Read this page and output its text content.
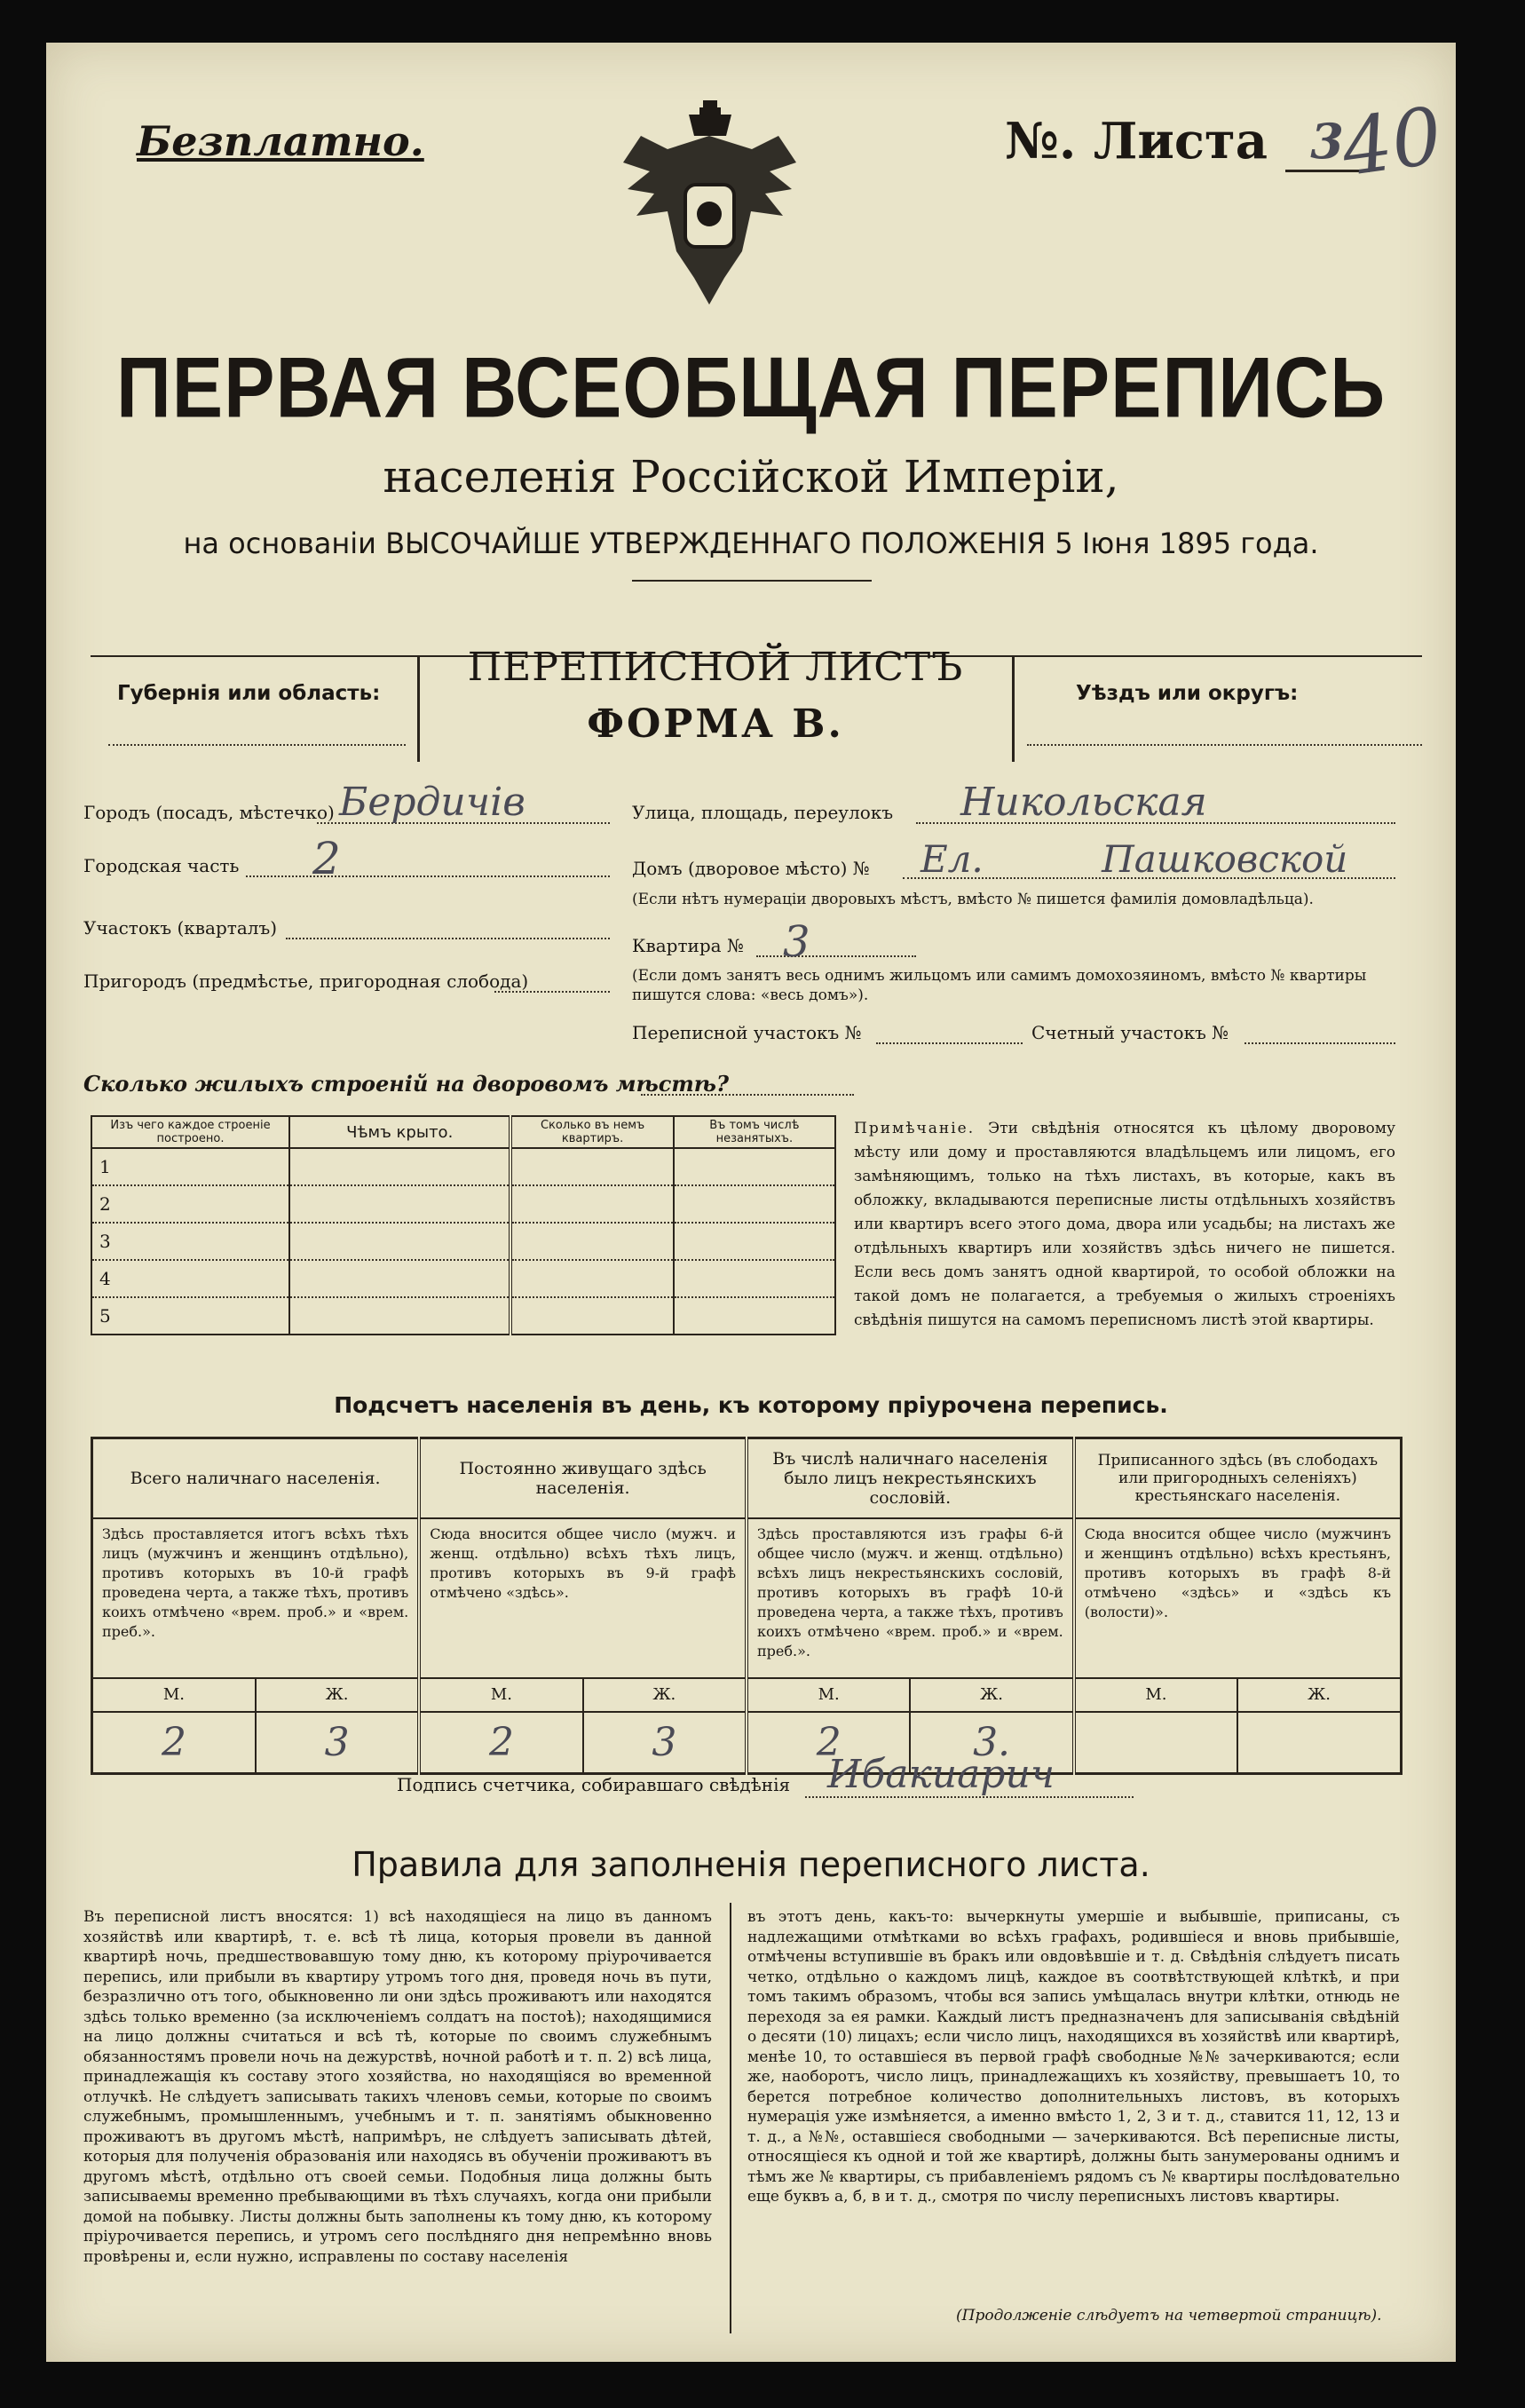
Безплатно.	№. Листа 3
40
ПЕРВАЯ ВСЕОБЩАЯ ПЕРЕПИСЬ
населенія Россійской Имперіи,
на основаніи ВЫСОЧАЙШЕ УТВЕРЖДЕННАГО ПОЛОЖЕНІЯ 5 Іюня 1895 года.
Губернія или область:
ПЕРЕПИСНОЙ ЛИСТЪ
ФОРМА В.
Уѣздъ или округъ:
Городъ (посадъ, мѣстечко) Бердичів
Городская часть 2
Участокъ (кварталъ)
Пригородъ (предмѣстье, пригородная слобода)
Улица, площадь, переулокъ Никольская
Домъ (дворовое мѣсто) № Ел. Пашковской
(Если нѣтъ нумераціи дворовыхъ мѣстъ, вмѣсто № пишется фамилія домовладѣльца).
Квартира № 3
(Если домъ занятъ весь однимъ жильцомъ или самимъ домохозяиномъ, вмѣсто № квартиры пишутся слова: «весь домъ»).
Переписной участокъ №	Счетный участокъ №
Сколько жилыхъ строеній на дворовомъ мѣстѣ?
Изъ чего каждое строеніе построено.	Чѣмъ крыто.	Сколько въ немъ квартиръ.	Въ томъ числѣ незанятыхъ.
1			
2			
3			
4			
5			
Примѣчаніе. Эти свѣдѣнія относятся къ цѣлому дворовому мѣсту или дому и проставляются владѣльцемъ или лицомъ, его замѣняющимъ, только на тѣхъ листахъ, въ которые, какъ въ обложку, вкладываются переписные листы отдѣльныхъ хозяйствъ или квартиръ всего этого дома, двора или усадьбы; на листахъ же отдѣльныхъ квартиръ или хозяйствъ здѣсь ничего не пишется. Если весь домъ занятъ одной квартирой, то особой обложки на такой домъ не полагается, а требуемыя о жилыхъ строеніяхъ свѣдѣнія пишутся на самомъ переписномъ листѣ этой квартиры.
Подсчетъ населенія въ день, къ которому пріурочена перепись.
Всего наличнаго населенія.		Постоянно живущаго здѣсь населенія.		Въ числѣ наличнаго населенія было лицъ некрестьянскихъ сословій.		Приписанного здѣсь (въ слободахъ или пригородныхъ селеніяхъ) крестьянскаго населенія.	
Здѣсь проставляется итогъ всѣхъ тѣхъ лицъ (мужчинъ и женщинъ отдѣльно), противъ которыхъ въ 10-й графѣ проведена черта, а также тѣхъ, противъ коихъ отмѣчено «врем. проб.» и «врем. преб.».		Сюда вносится общее число (мужч. и женщ. отдѣльно) всѣхъ тѣхъ лицъ, противъ которыхъ въ 9-й графѣ отмѣчено «здѣсь».		Здѣсь проставляются изъ графы 6-й общее число (мужч. и женщ. отдѣльно) всѣхъ лицъ некрестьянскихъ сословій, противъ которыхъ въ графѣ 10-й проведена черта, а также тѣхъ, противъ коихъ отмѣчено «врем. проб.» и «врем. преб.».		Сюда вносится общее число (мужчинъ и женщинъ отдѣльно) всѣхъ крестьянъ, противъ которыхъ въ графѣ 8-й отмѣчено «здѣсь» и «здѣсь къ (волости)».	
М.	Ж.	М.	Ж.	М.	Ж.	М.	Ж.
2	3	2	3	2	3.		
Подпись счетчика, собиравшаго свѣдѣнія Ибакиарич
Правила для заполненія переписного листа.
Въ переписной листъ вносятся: 1) всѣ находящіеся на лицо въ данномъ хозяйствѣ или квартирѣ, т. е. всѣ тѣ лица, которыя провели въ данной квартирѣ ночь, предшествовавшую тому дню, къ которому пріурочивается перепись, или прибыли въ квартиру утромъ того дня, проведя ночь въ пути, безразлично отъ того, обыкновенно ли они здѣсь проживаютъ или находятся здѣсь только временно (за исключеніемъ солдатъ на постоѣ); находящимися на лицо должны считаться и всѣ тѣ, которые по своимъ служебнымъ обязанностямъ провели ночь на дежурствѣ, ночной работѣ и т. п. 2) всѣ лица, принадлежащія къ составу этого хозяйства, но находящіяся во временной отлучкѣ. Не слѣдуетъ записывать такихъ членовъ семьи, которые по своимъ служебнымъ, промышленнымъ, учебнымъ и т. п. занятіямъ обыкновенно проживаютъ въ другомъ мѣстѣ, напримѣръ, не слѣдуетъ записывать дѣтей, которыя для полученія образованія или находясь въ обученіи проживаютъ въ другомъ мѣстѣ, отдѣльно отъ своей семьи. Подобныя лица должны быть записываемы временно пребывающими въ тѣхъ случаяхъ, когда они прибыли домой на побывку. Листы должны быть заполнены къ тому дню, къ которому пріурочивается перепись, и утромъ сего послѣдняго дня непремѣнно вновь провѣрены и, если нужно, исправлены по составу населенія
въ этотъ день, какъ-то: вычеркнуты умершіе и выбывшіе, приписаны, съ надлежащими отмѣтками во всѣхъ графахъ, родившіеся и вновь прибывшіе, отмѣчены вступившіе въ бракъ или овдовѣвшіе и т. д. Свѣдѣнія слѣдуетъ писать четко, отдѣльно о каждомъ лицѣ, каждое въ соотвѣтствующей клѣткѣ, и при томъ такимъ образомъ, чтобы вся запись умѣщалась внутри клѣтки, отнюдь не переходя за ея рамки. Каждый листъ предназначенъ для записыванія свѣдѣній о десяти (10) лицахъ; если число лицъ, находящихся въ хозяйствѣ или квартирѣ, менѣе 10, то оставшіеся въ первой графѣ свободные №№ зачеркиваются; если же, наоборотъ, число лицъ, принадлежащихъ къ хозяйству, превышаетъ 10, то берется потребное количество дополнительныхъ листовъ, въ которыхъ нумерація уже измѣняется, а именно вмѣсто 1, 2, 3 и т. д., ставится 11, 12, 13 и т. д., а №№, оставшіеся свободными — зачеркиваются. Всѣ переписные листы, относящіеся къ одной и той же квартирѣ, должны быть занумерованы однимъ и тѣмъ же № квартиры, съ прибавленіемъ рядомъ съ № квартиры послѣдовательно еще буквъ а, б, в и т. д., смотря по числу переписныхъ листовъ квартиры.
(Продолженіе слѣдуетъ на четвертой страницѣ).
